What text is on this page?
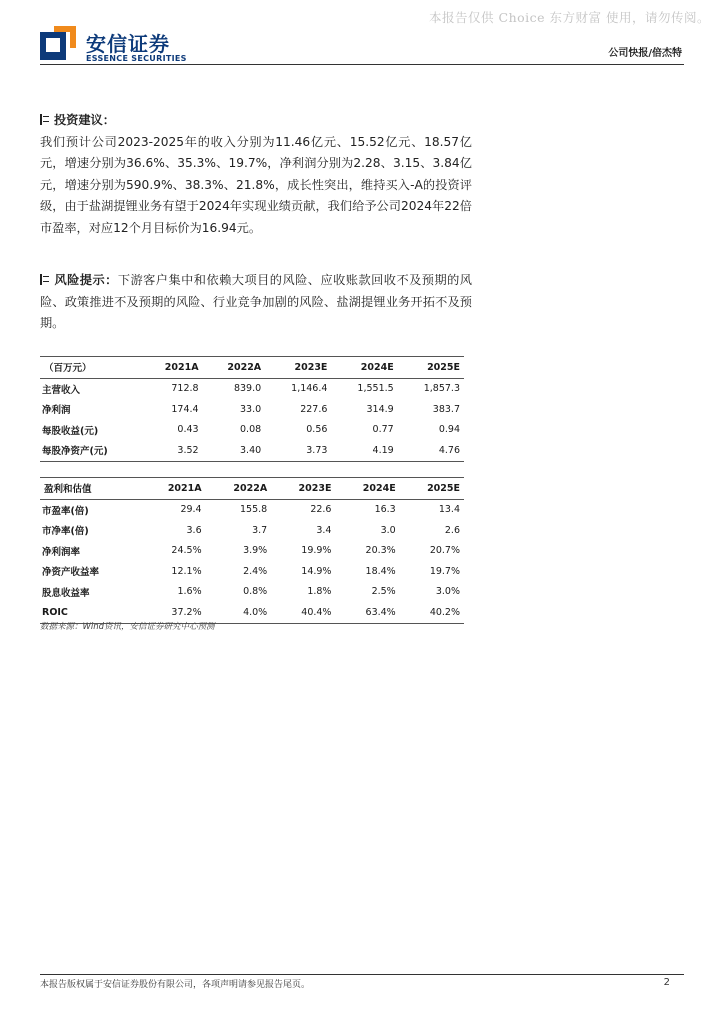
本报告仅供 Choice 东方财富 使用，请勿传阅。
安信证券
ESSENCE SECURITIES	公司快报/倍杰特

投资建议：

我们预计公司2023-2025年的收入分别为11.46亿元、15.52亿元、18.57亿元，增速分别为36.6%、35.3%、19.7%，净利润分别为2.28、3.15、3.84亿元，增速分别为590.9%、38.3%、21.8%，成长性突出，维持买入-A的投资评级，由于盐湖提锂业务有望于2024年实现业绩贡献，我们给予公司2024年22倍市盈率，对应12个月目标价为16.94元。

风险提示：下游客户集中和依赖大项目的风险、应收账款回收不及预期的风险、政策推进不及预期的风险、行业竞争加剧的风险、盐湖提锂业务开拓不及预期。

（百万元）	2021A	2022A	2023E	2024E	2025E
主营收入	712.8	839.0	1,146.4	1,551.5	1,857.3
净利润	174.4	33.0	227.6	314.9	383.7
每股收益(元)	0.43	0.08	0.56	0.77	0.94
每股净资产(元)	3.52	3.40	3.73	4.19	4.76
盈利和估值	2021A	2022A	2023E	2024E	2025E
市盈率(倍)	29.4	155.8	22.6	16.3	13.4
市净率(倍)	3.6	3.7	3.4	3.0	2.6
净利润率	24.5%	3.9%	19.9%	20.3%	20.7%
净资产收益率	12.1%	2.4%	14.9%	18.4%	19.7%
股息收益率	1.6%	0.8%	1.8%	2.5%	3.0%
ROIC	37.2%	4.0%	40.4%	63.4%	40.2%
数据来源：Wind资讯，安信证券研究中心预测
本报告版权属于安信证券股份有限公司，各项声明请参见报告尾页。	2
